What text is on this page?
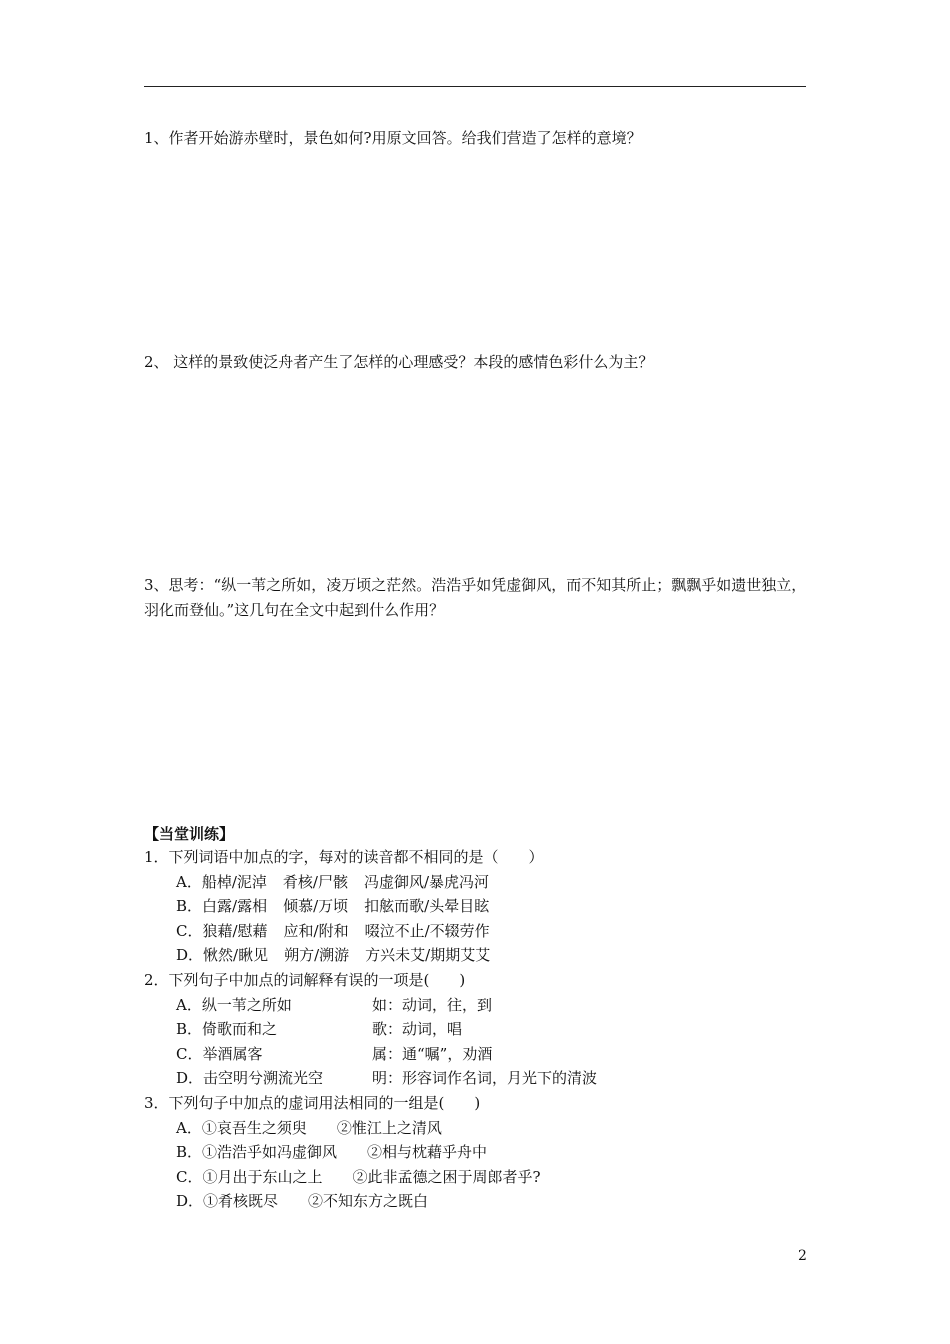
1、作者开始游赤壁时，景色如何?用原文回答。给我们营造了怎样的意境？
2、 这样的景致使泛舟者产生了怎样的心理感受？本段的感情色彩什么为主？
3、思考：“纵一苇之所如，凌万顷之茫然。浩浩乎如凭虚御风，而不知其所止；飘飘乎如遗世独立，羽化而登仙。”这几句在全文中起到什么作用？
【当堂训练】
1．下列词语中加点的字，每对的读音都不相同的是（　　）
A．船棹/泥淖 肴核/尸骸 冯虚御风/暴虎冯河
B．白露/露相 倾慕/万顷 扣舷而歌/头晕目眩
C．狼藉/慰藉 应和/附和 啜泣不止/不辍劳作
D．愀然/瞅见 朔方/溯游 方兴未艾/期期艾艾
2．下列句子中加点的词解释有误的一项是(　　)
A．纵一苇之所如	如：动词，往，到
B．倚歌而和之	歌：动词，唱
C．举酒属客	属：通“嘱”，劝酒
D．击空明兮溯流光空	明：形容词作名词，月光下的清波
3．下列句子中加点的虚词用法相同的一组是(　　)
A．①哀吾生之须臾　　②惟江上之清风
B．①浩浩乎如冯虚御风　　②相与枕藉乎舟中
C．①月出于东山之上　　②此非孟德之困于周郎者乎?
D．①肴核既尽　　②不知东方之既白
2
